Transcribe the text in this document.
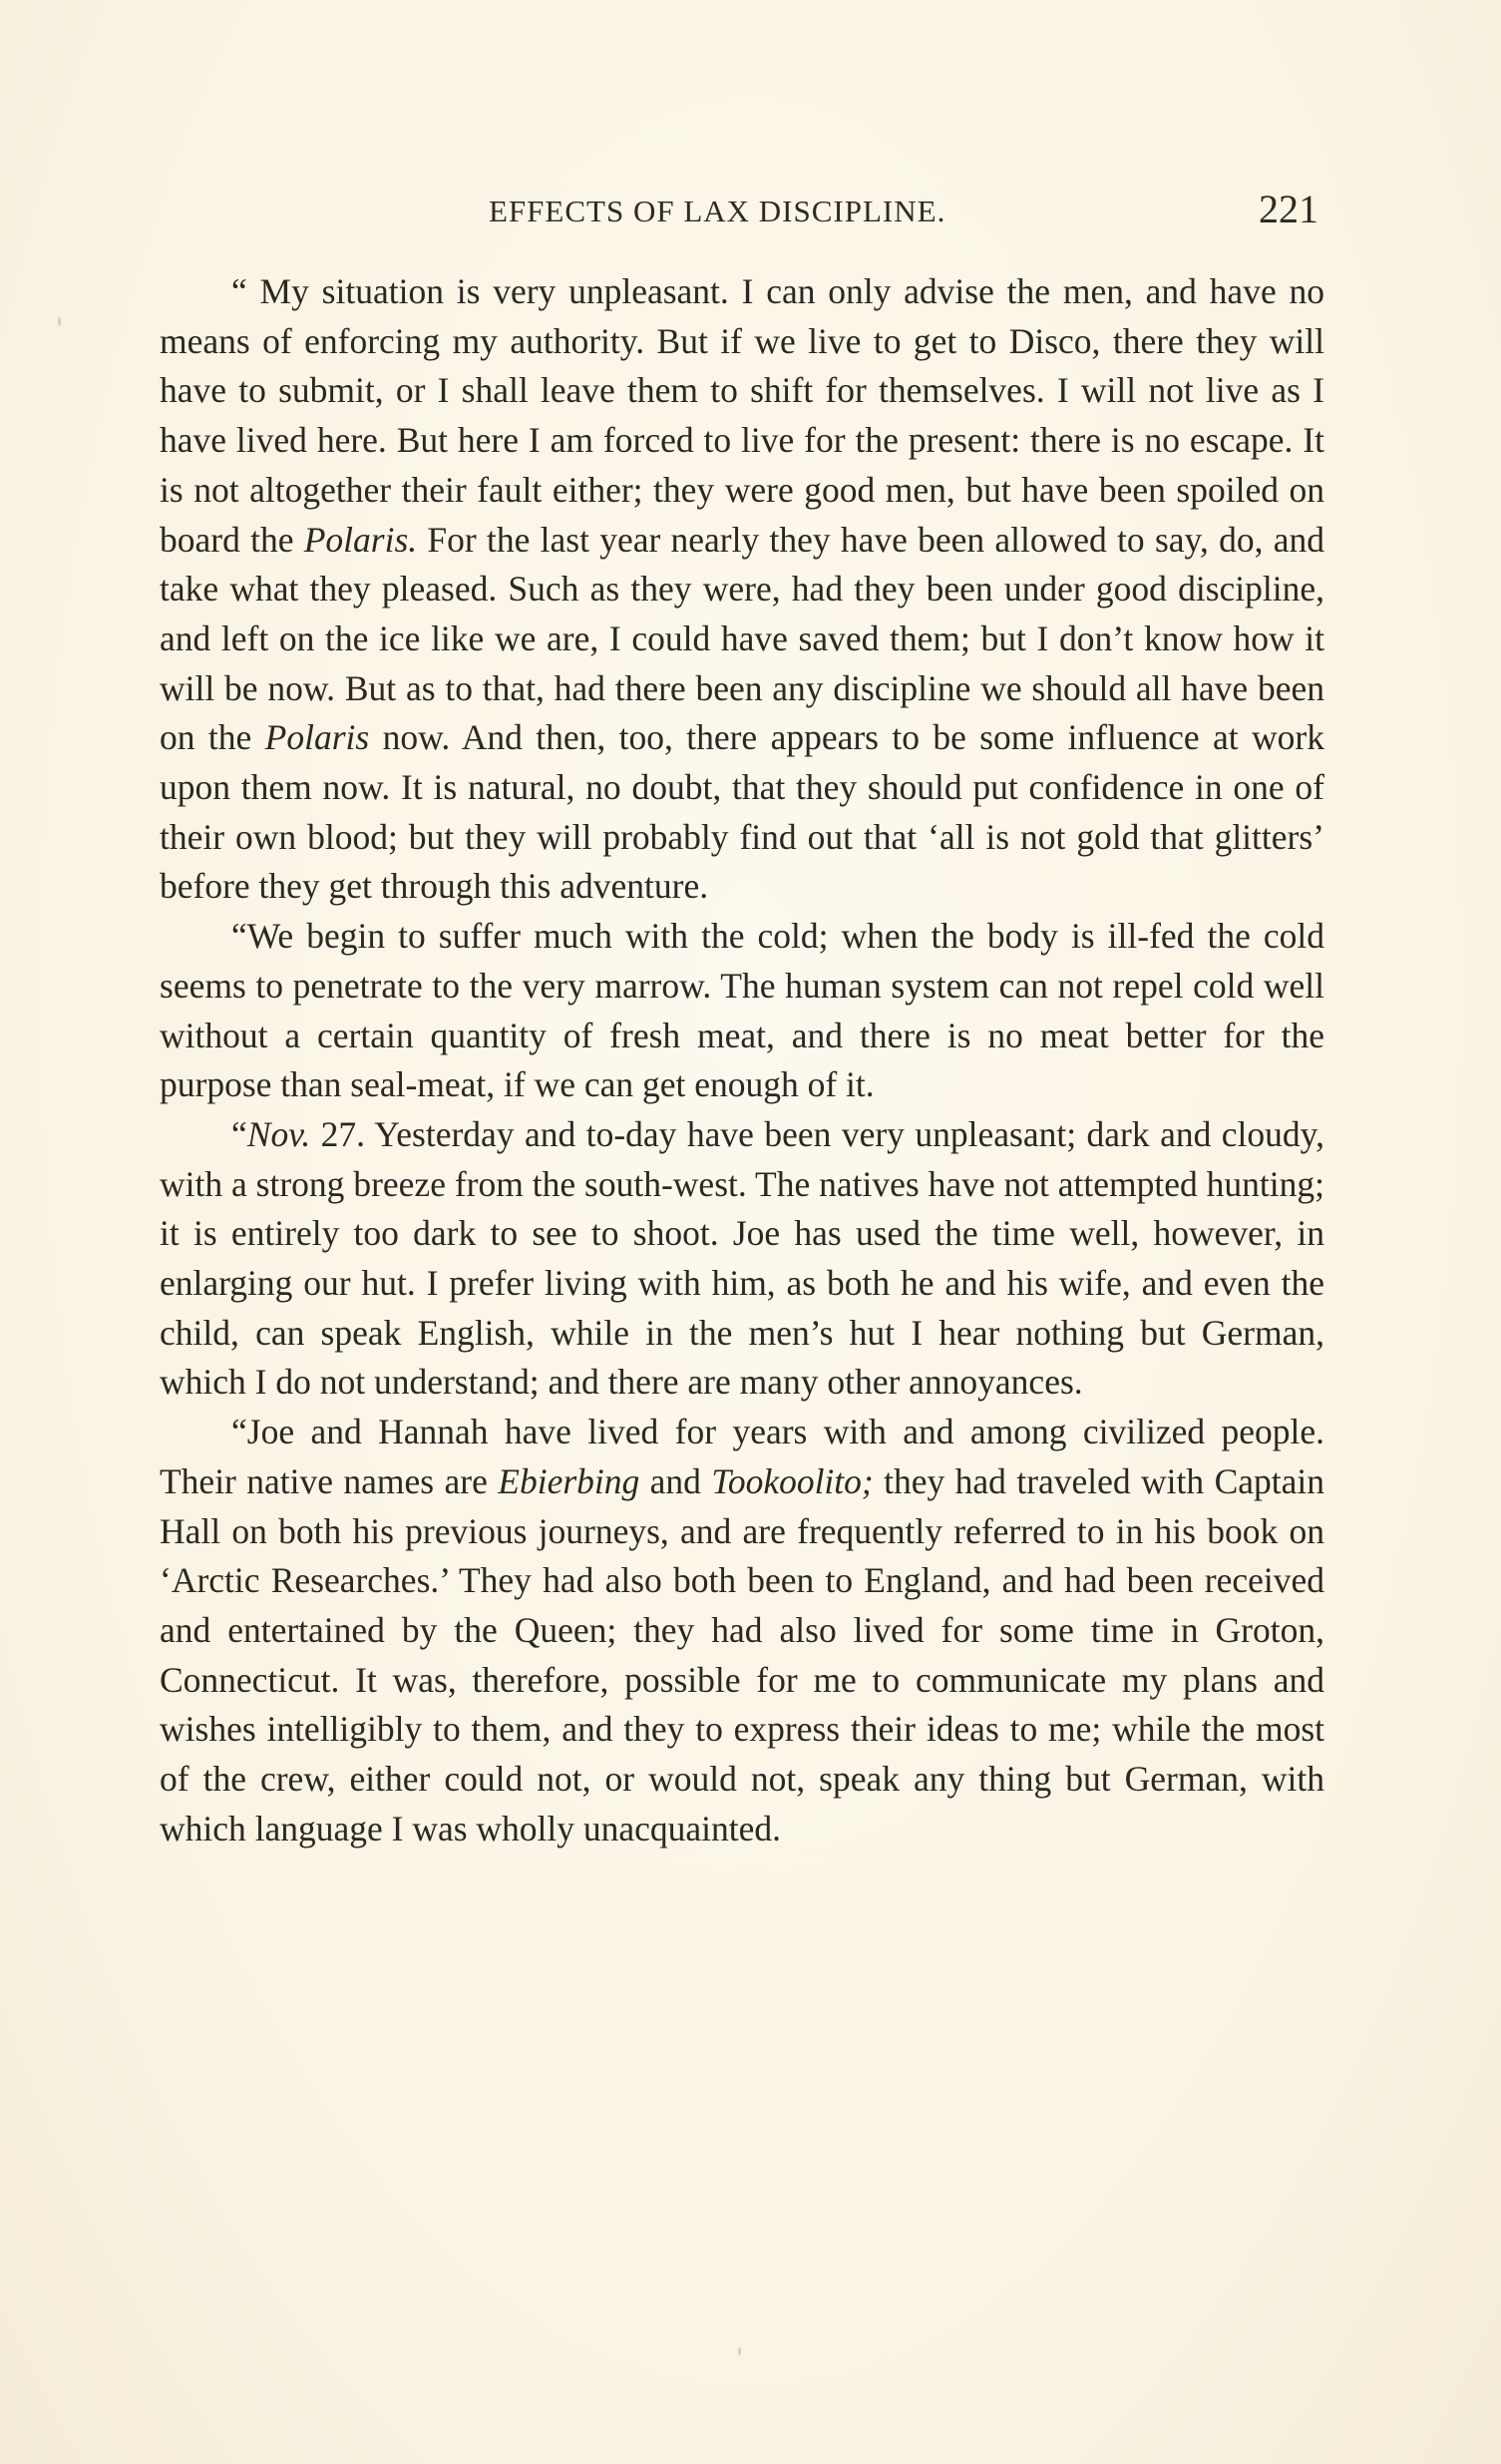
EFFECTS OF LAX DISCIPLINE.	221

“ My situation is very unpleasant. I can only advise the men, and have no means of enforcing my authority. But if we live to get to Disco, there they will have to submit, or I shall leave them to shift for themselves. I will not live as I have lived here. But here I am forced to live for the present: there is no escape. It is not altogether their fault either; they were good men, but have been spoiled on board the Polaris. For the last year nearly they have been allowed to say, do, and take what they pleased. Such as they were, had they been under good discipline, and left on the ice like we are, I could have saved them; but I don’t know how it will be now. But as to that, had there been any discipline we should all have been on the Polaris now. And then, too, there appears to be some influence at work upon them now. It is natural, no doubt, that they should put confidence in one of their own blood; but they will probably find out that ‘all is not gold that glitters’ before they get through this adventure.

“We begin to suffer much with the cold; when the body is ill-fed the cold seems to penetrate to the very marrow. The human system can not repel cold well without a certain quantity of fresh meat, and there is no meat better for the purpose than seal-meat, if we can get enough of it.

“Nov. 27. Yesterday and to-day have been very unpleasant; dark and cloudy, with a strong breeze from the south-west. The natives have not attempted hunting; it is entirely too dark to see to shoot. Joe has used the time well, however, in enlarging our hut. I prefer living with him, as both he and his wife, and even the child, can speak English, while in the men’s hut I hear nothing but German, which I do not understand; and there are many other annoyances.

“Joe and Hannah have lived for years with and among civilized people. Their native names are Ebierbing and Tookoolito; they had traveled with Captain Hall on both his previous journeys, and are frequently referred to in his book on ‘Arctic Researches.’ They had also both been to England, and had been received and entertained by the Queen; they had also lived for some time in Groton, Connecticut. It was, therefore, possible for me to communicate my plans and wishes intelligibly to them, and they to express their ideas to me; while the most of the crew, either could not, or would not, speak any thing but German, with which language I was wholly unacquainted.
